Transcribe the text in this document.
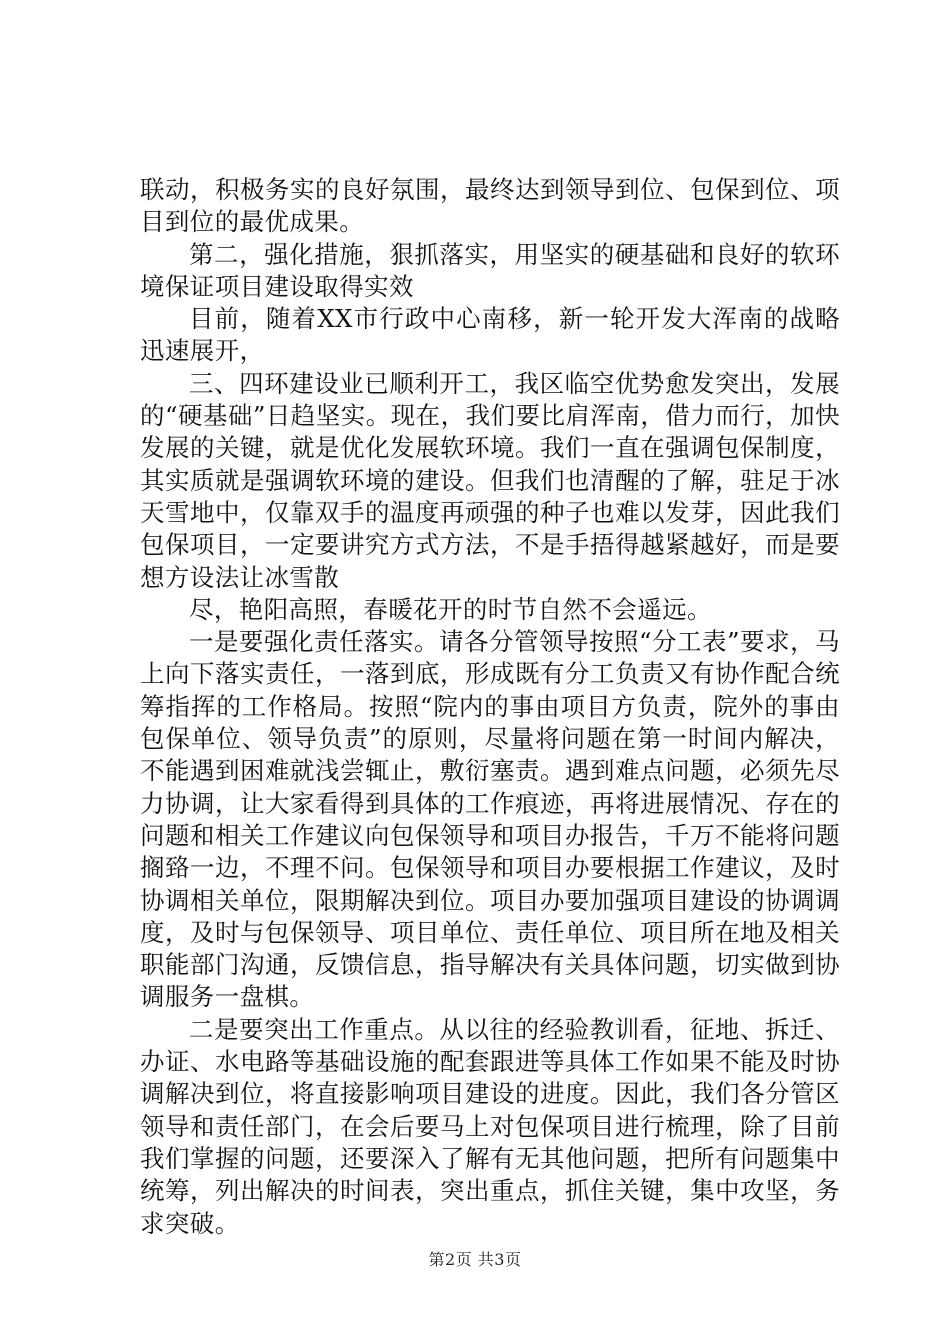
联动，积极务实的良好氛围，最终达到领导到位、包保到位、项目到位的最优成果。

第二，强化措施，狠抓落实，用坚实的硬基础和良好的软环境保证项目建设取得实效

目前，随着XX市行政中心南移，新一轮开发大浑南的战略迅速展开，

三、四环建设业已顺利开工，我区临空优势愈发突出，发展的“硬基础”日趋坚实。现在，我们要比肩浑南，借力而行，加快发展的关键，就是优化发展软环境。我们一直在强调包保制度，其实质就是强调软环境的建设。但我们也清醒的了解，驻足于冰天雪地中，仅靠双手的温度再顽强的种子也难以发芽，因此我们包保项目，一定要讲究方式方法，不是手捂得越紧越好，而是要想方设法让冰雪散

尽，艳阳高照，春暖花开的时节自然不会遥远。

一是要强化责任落实。请各分管领导按照“分工表”要求，马上向下落实责任，一落到底，形成既有分工负责又有协作配合统筹指挥的工作格局。按照“院内的事由项目方负责，院外的事由包保单位、领导负责”的原则，尽量将问题在第一时间内解决，不能遇到困难就浅尝辄止，敷衍塞责。遇到难点问题，必须先尽力协调，让大家看得到具体的工作痕迹，再将进展情况、存在的问题和相关工作建议向包保领导和项目办报告，千万不能将问题搁臵一边，不理不问。包保领导和项目办要根据工作建议，及时协调相关单位，限期解决到位。项目办要加强项目建设的协调调度，及时与包保领导、项目单位、责任单位、项目所在地及相关职能部门沟通，反馈信息，指导解决有关具体问题，切实做到协调服务一盘棋。

二是要突出工作重点。从以往的经验教训看，征地、拆迁、办证、水电路等基础设施的配套跟进等具体工作如果不能及时协调解决到位，将直接影响项目建设的进度。因此，我们各分管区领导和责任部门，在会后要马上对包保项目进行梳理，除了目前我们掌握的问题，还要深入了解有无其他问题，把所有问题集中统筹，列出解决的时间表，突出重点，抓住关键，集中攻坚，务求突破。

第2页 共3页
